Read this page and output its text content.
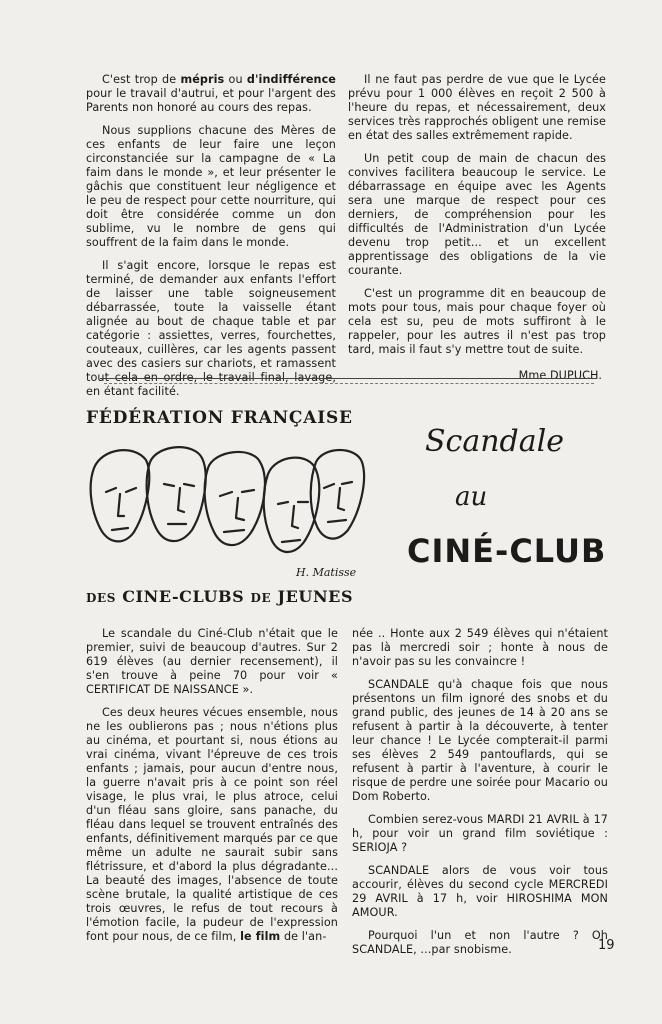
C'est trop de mépris ou d'indifférence pour le travail d'autrui, et pour l'argent des Parents non honoré au cours des repas.

Nous supplions chacune des Mères de ces enfants de leur faire une leçon circonstanciée sur la campagne de « La faim dans le monde », et leur présenter le gâchis que constituent leur négligence et le peu de respect pour cette nourriture, qui doit être considérée comme un don sublime, vu le nombre de gens qui souffrent de la faim dans le monde.

Il s'agit encore, lorsque le repas est terminé, de demander aux enfants l'effort de laisser une table soigneusement débarrassée, toute la vaisselle étant alignée au bout de chaque table et par catégorie : assiettes, verres, fourchettes, couteaux, cuillères, car les agents passent avec des casiers sur chariots, et ramassent tout cela en ordre, le travail final, lavage, en étant facilité.

Il ne faut pas perdre de vue que le Lycée prévu pour 1 000 élèves en reçoit 2 500 à l'heure du repas, et nécessairement, deux services très rapprochés obligent une remise en état des salles extrêmement rapide.

Un petit coup de main de chacun des convives facilitera beaucoup le service. Le débarrassage en équipe avec les Agents sera une marque de respect pour ces derniers, de compréhension pour les difficultés de l'Administration d'un Lycée devenu trop petit... et un excellent apprentissage des obligations de la vie courante.

C'est un programme dit en beaucoup de mots pour tous, mais pour chaque foyer où cela est su, peu de mots suffiront à le rappeler, pour les autres il n'est pas trop tard, mais il faut s'y mettre tout de suite.

Mme DUPUCH.

FÉDÉRATION FRANÇAISE
H. Matisse
DES CINE-CLUBS DE JEUNES
Scandale
au
CINÉ-CLUB

Le scandale du Ciné-Club n'était que le premier, suivi de beaucoup d'autres. Sur 2 619 élèves (au dernier recensement), il s'en trouve à peine 70 pour voir « CERTIFICAT DE NAISSANCE ».

Ces deux heures vécues ensemble, nous ne les oublierons pas ; nous n'étions plus au cinéma, et pourtant si, nous étions au vrai cinéma, vivant l'épreuve de ces trois enfants ; jamais, pour aucun d'entre nous, la guerre n'avait pris à ce point son réel visage, le plus vrai, le plus atroce, celui d'un fléau sans gloire, sans panache, du fléau dans lequel se trouvent entraînés des enfants, définitivement marqués par ce que même un adulte ne saurait subir sans flétrissure, et d'abord la plus dégradante... La beauté des images, l'absence de toute scène brutale, la qualité artistique de ces trois œuvres, le refus de tout recours à l'émotion facile, la pudeur de l'expression font pour nous, de ce film, le film de l'an-

née .. Honte aux 2 549 élèves qui n'étaient pas là mercredi soir ; honte à nous de n'avoir pas su les convaincre !

SCANDALE qu'à chaque fois que nous présentons un film ignoré des snobs et du grand public, des jeunes de 14 à 20 ans se refusent à partir à la découverte, à tenter leur chance ! Le Lycée compterait-il parmi ses élèves 2 549 pantouflards, qui se refusent à partir à l'aventure, à courir le risque de perdre une soirée pour Macario ou Dom Roberto.

Combien serez-vous MARDI 21 AVRIL à 17 h, pour voir un grand film soviétique : SERIOJA ?

SCANDALE alors de vous voir tous accourir, élèves du second cycle MERCREDI 29 AVRIL à 17 h, voir HIROSHIMA MON AMOUR.

Pourquoi l'un et non l'autre ? Oh SCANDALE, ...par snobisme.	19
